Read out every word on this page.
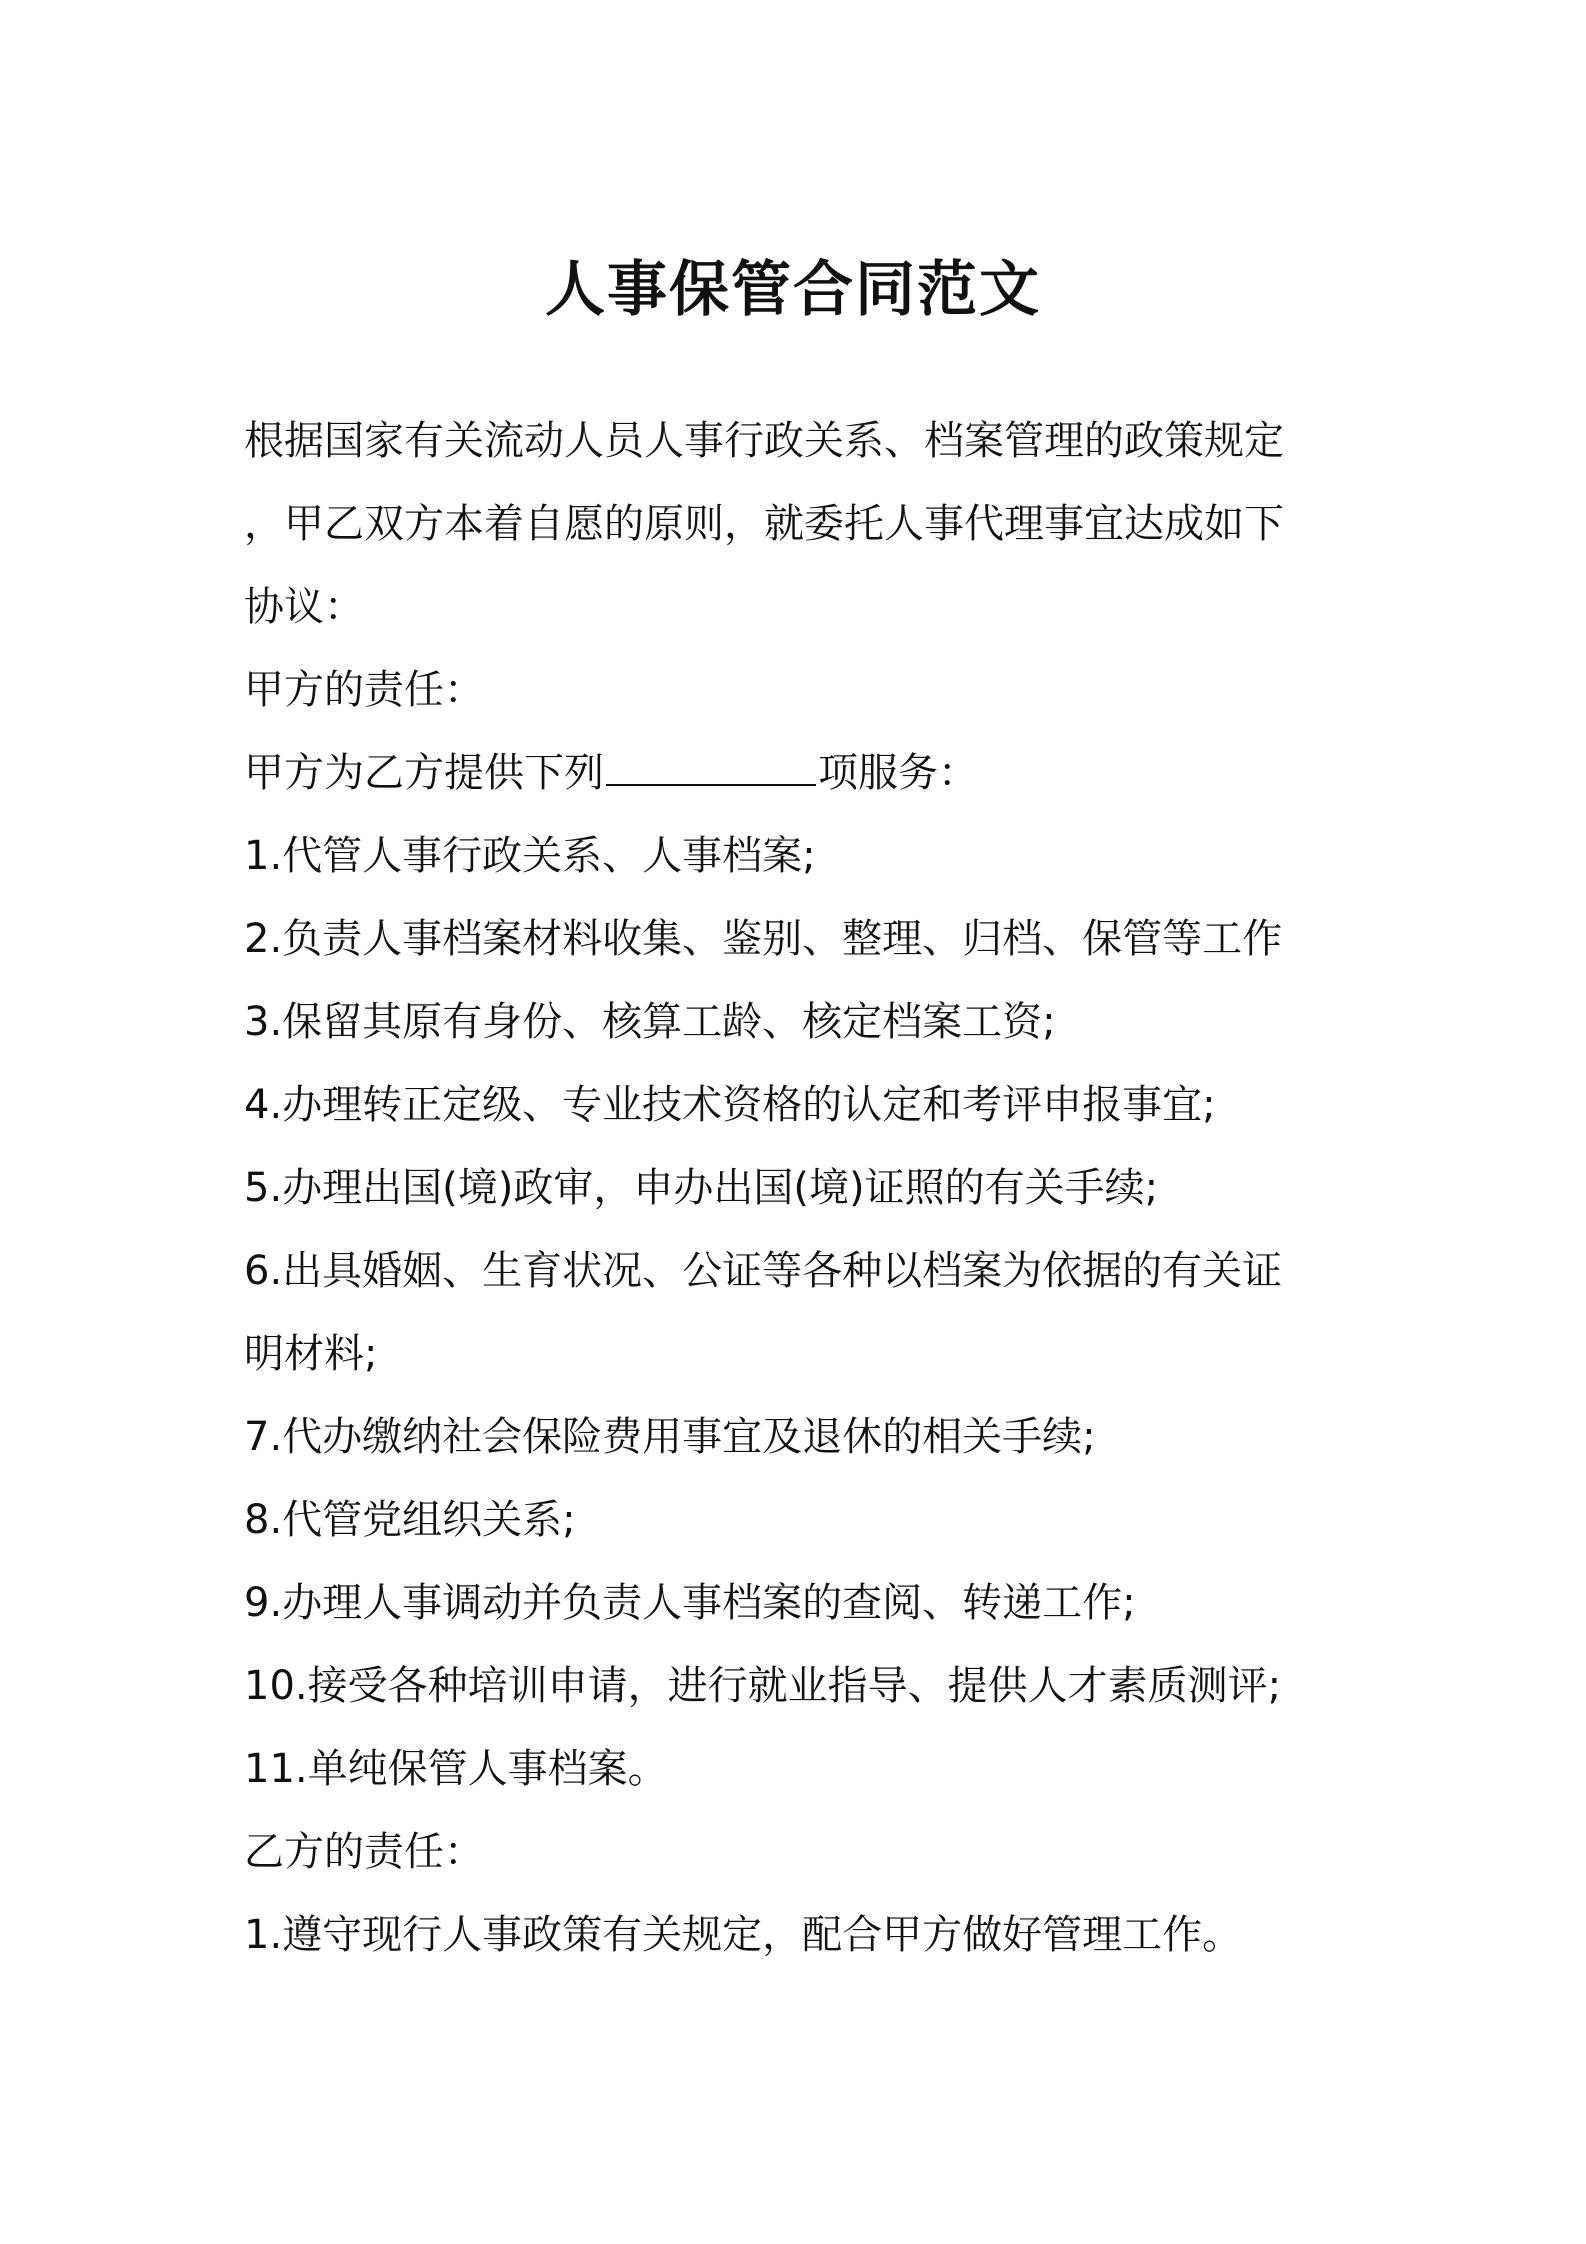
人事保管合同范文

根据国家有关流动人员人事行政关系、档案管理的政策规定

，甲乙双方本着自愿的原则，就委托人事代理事宜达成如下

协议：

甲方的责任：

甲方为乙方提供下列	项服务：

1.代管人事行政关系、人事档案;

2.负责人事档案材料收集、鉴别、整理、归档、保管等工作

3.保留其原有身份、核算工龄、核定档案工资;

4.办理转正定级、专业技术资格的认定和考评申报事宜;

5.办理出国(境)政审，申办出国(境)证照的有关手续;

6.出具婚姻、生育状况、公证等各种以档案为依据的有关证

明材料;

7.代办缴纳社会保险费用事宜及退休的相关手续;

8.代管党组织关系;

9.办理人事调动并负责人事档案的查阅、转递工作;

10.接受各种培训申请，进行就业指导、提供人才素质测评;

11.单纯保管人事档案。

乙方的责任：

1.遵守现行人事政策有关规定，配合甲方做好管理工作。
